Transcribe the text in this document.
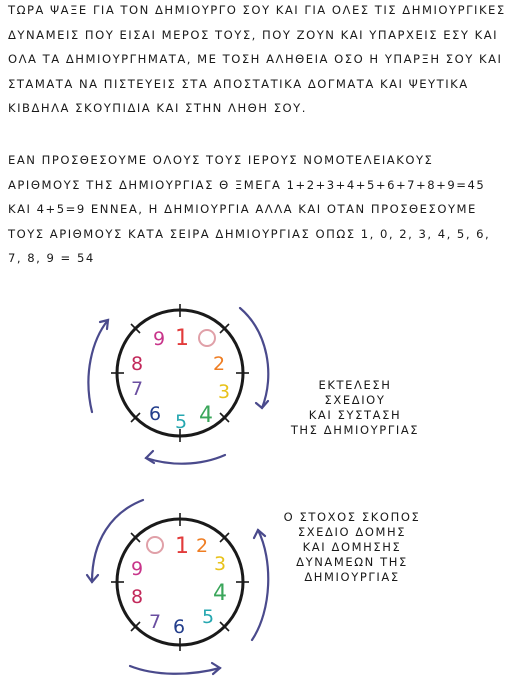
ΤΩΡΑ ΨΑΞΕ ΓΙΑ ΤΟΝ ΔΗΜΙΟΥΡΓΟ ΣΟΥ ΚΑΙ ΓΙΑ ΟΛΕΣ ΤΙΣ ΔΗΜΙΟΥΡΓΙΚΕΣ ΔΥΝΑΜΕΙΣ ΠΟΥ ΕΙΣΑΙ ΜΕΡΟΣ ΤΟΥΣ, ΠΟΥ ΖΟΥΝ ΚΑΙ ΥΠΑΡΧΕΙΣ ΕΣΥ ΚΑΙ ΟΛΑ ΤΑ ΔΗΜΙΟΥΡΓΗΜΑΤΑ, ΜΕ ΤΟΣΗ ΑΛΗΘΕΙΑ ΟΣΟ Η ΥΠΑΡΞΗ ΣΟΥ ΚΑΙ ΣΤΑΜΑΤΑ ΝΑ ΠΙΣΤΕΥΕΙΣ ΣΤΑ ΑΠΟΣΤΑΤΙΚΑ ΔΟΓΜΑΤΑ ΚΑΙ ΨΕΥΤΙΚΑ ΚΙΒΔΗΛΑ ΣΚΟΥΠΙΔΙΑ ΚΑΙ ΣΤΗΝ ΛΗΘΗ ΣΟΥ.

ΕΑΝ ΠΡΟΣΘΕΣΟΥΜΕ ΟΛΟΥΣ ΤΟΥΣ ΙΕΡΟΥΣ ΝΟΜΟΤΕΛΕΙΑΚΟΥΣ ΑΡΙΘΜΟΥΣ ΤΗΣ ΔΗΜΙΟΥΡΓΙΑΣ Θ ΞΜΕΓΑ 1+2+3+4+5+6+7+8+9=45 ΚΑΙ 4+5=9 ΕΝΝΕΑ, Η ΔΗΜΙΟΥΡΓΙΑ ΑΛΛΑ ΚΑΙ ΟΤΑΝ ΠΡΟΣΘΕΣΟΥΜΕ ΤΟΥΣ ΑΡΙΘΜΟΥΣ ΚΑΤΑ ΣΕΙΡΑ ΔΗΜΙΟΥΡΓΙΑΣ ΟΠΩΣ 1, 0, 2, 3, 4, 5, 6, 7, 8, 9 = 54

9 1
2
3
4
5
6
7
8
ΕΚΤΕΛΕΣΗ
ΣΧΕΔΙΟΥ
ΚΑΙ ΣΥΣΤΑΣΗ
ΤΗΣ ΔΗΜΙΟΥΡΓΙΑΣ
1 2
3
4
5
6
7
8
9
Ο ΣΤΟΧΟΣ ΣΚΟΠΟΣ
ΣΧΕΔΙΟ ΔΟΜΗΣ
ΚΑΙ ΔΟΜΗΣΗΣ
ΔΥΝΑΜΕΩΝ ΤΗΣ
ΔΗΜΙΟΥΡΓΙΑΣ
